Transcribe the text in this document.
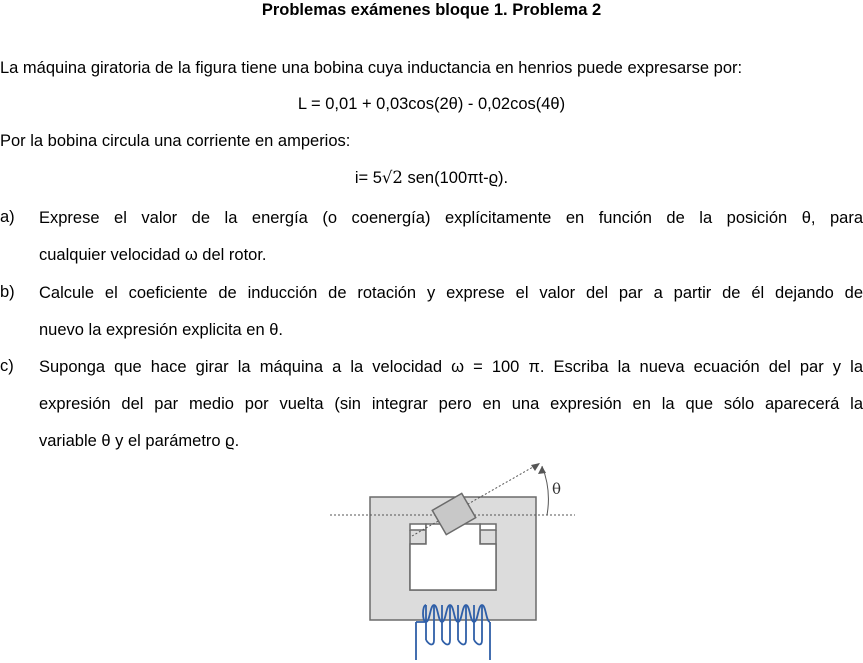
Problemas exámenes bloque 1. Problema 2
La máquina giratoria de la figura tiene una bobina cuya inductancia en henrios puede expresarse por:
L = 0,01 + 0,03cos(2θ) - 0,02cos(4θ)
Por la bobina circula una corriente en amperios:
i= 5√2 sen(100πt-ϱ).
a) Exprese el valor de la energía (o coenergía) explícitamente en función de la posición θ, para
cualquier velocidad ω del rotor.
b) Calcule el coeficiente de inducción de rotación y exprese el valor del par a partir de él dejando de
nuevo la expresión explicita en θ.
c) Suponga que hace girar la máquina a la velocidad ω = 100 π. Escriba la nueva ecuación del par y la
expresión del par medio por vuelta (sin integrar pero en una expresión en la que sólo aparecerá la
variable θ y el parámetro ϱ.
θ
